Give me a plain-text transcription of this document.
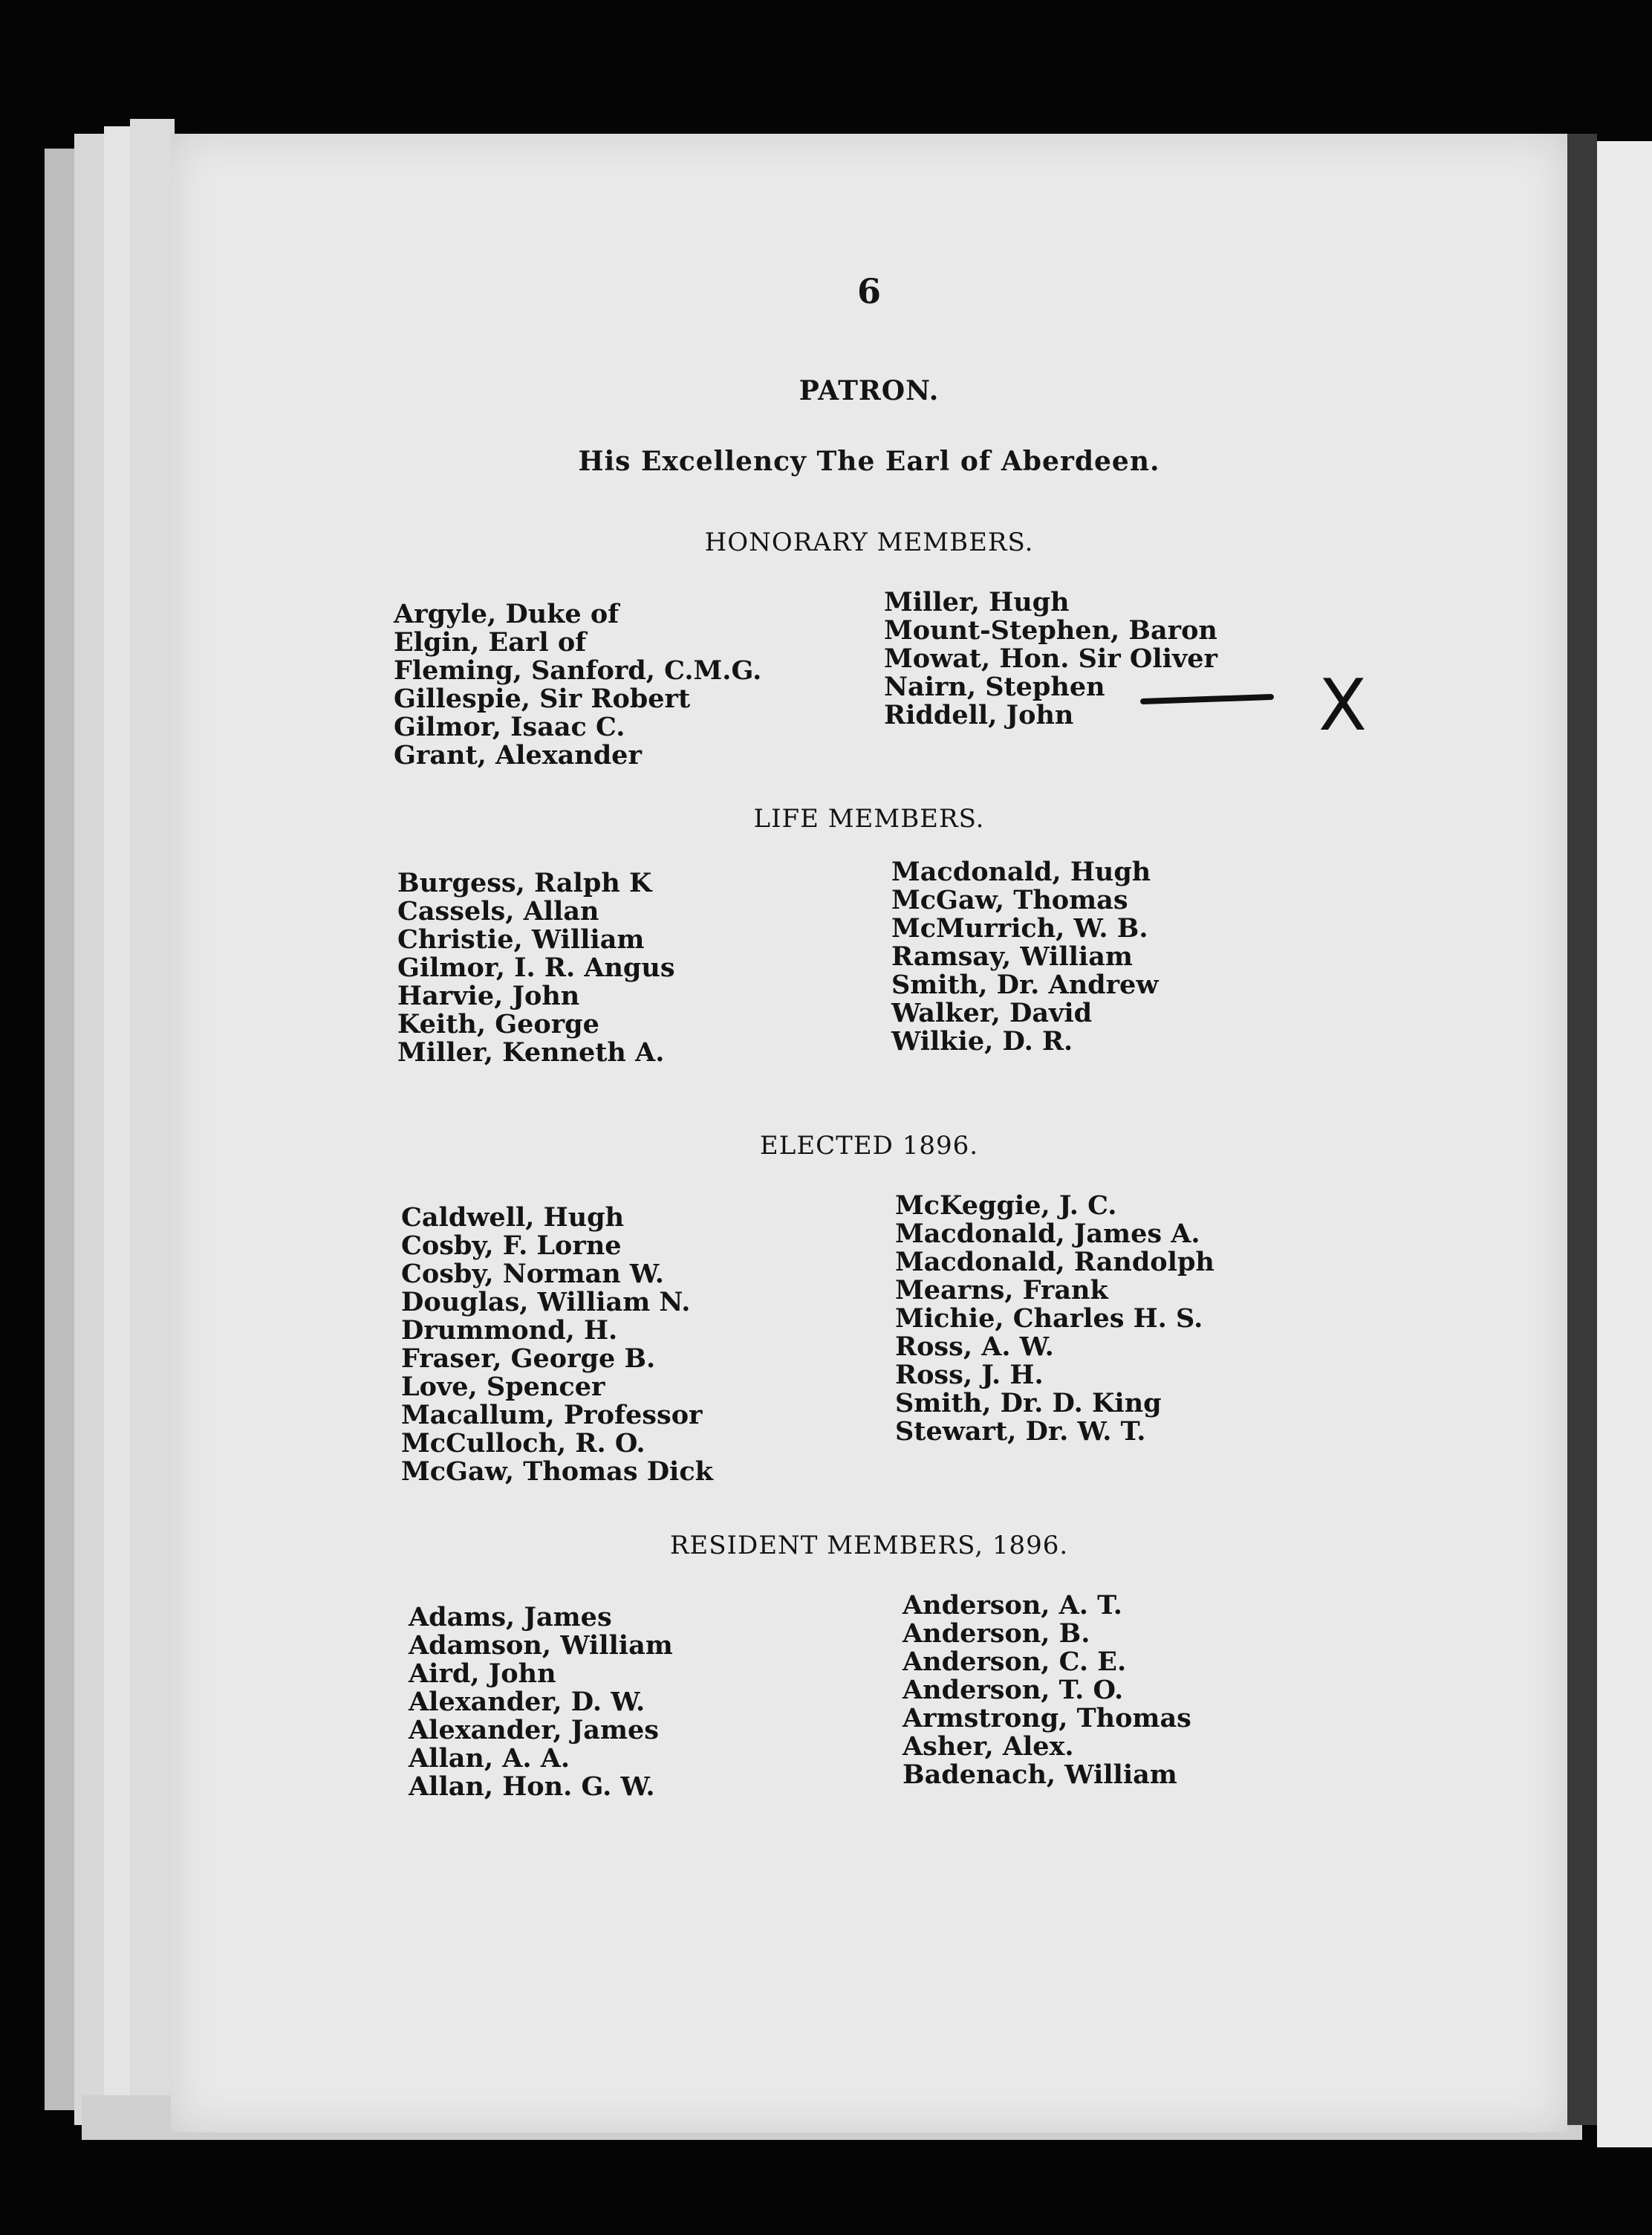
6
PATRON.
His Excellency The Earl of Aberdeen.
HONORARY MEMBERS.
Argyle, Duke of
Elgin, Earl of
Fleming, Sanford, C.M.G.
Gillespie, Sir Robert
Gilmor, Isaac C.
Grant, Alexander
Miller, Hugh
Mount-Stephen, Baron
Mowat, Hon. Sir Oliver
Nairn, Stephen
Riddell, John
LIFE MEMBERS.
Burgess, Ralph K
Cassels, Allan
Christie, William
Gilmor, I. R. Angus
Harvie, John
Keith, George
Miller, Kenneth A.
Macdonald, Hugh
McGaw, Thomas
McMurrich, W. B.
Ramsay, William
Smith, Dr. Andrew
Walker, David
Wilkie, D. R.
ELECTED 1896.
Caldwell, Hugh
Cosby, F. Lorne
Cosby, Norman W.
Douglas, William N.
Drummond, H.
Fraser, George B.
Love, Spencer
Macallum, Professor
McCulloch, R. O.
McGaw, Thomas Dick
McKeggie, J. C.
Macdonald, James A.
Macdonald, Randolph
Mearns, Frank
Michie, Charles H. S.
Ross, A. W.
Ross, J. H.
Smith, Dr. D. King
Stewart, Dr. W. T.
RESIDENT MEMBERS, 1896.
Adams, James
Adamson, William
Aird, John
Alexander, D. W.
Alexander, James
Allan, A. A.
Allan, Hon. G. W.
Anderson, A. T.
Anderson, B.
Anderson, C. E.
Anderson, T. O.
Armstrong, Thomas
Asher, Alex.
Badenach, William
X
